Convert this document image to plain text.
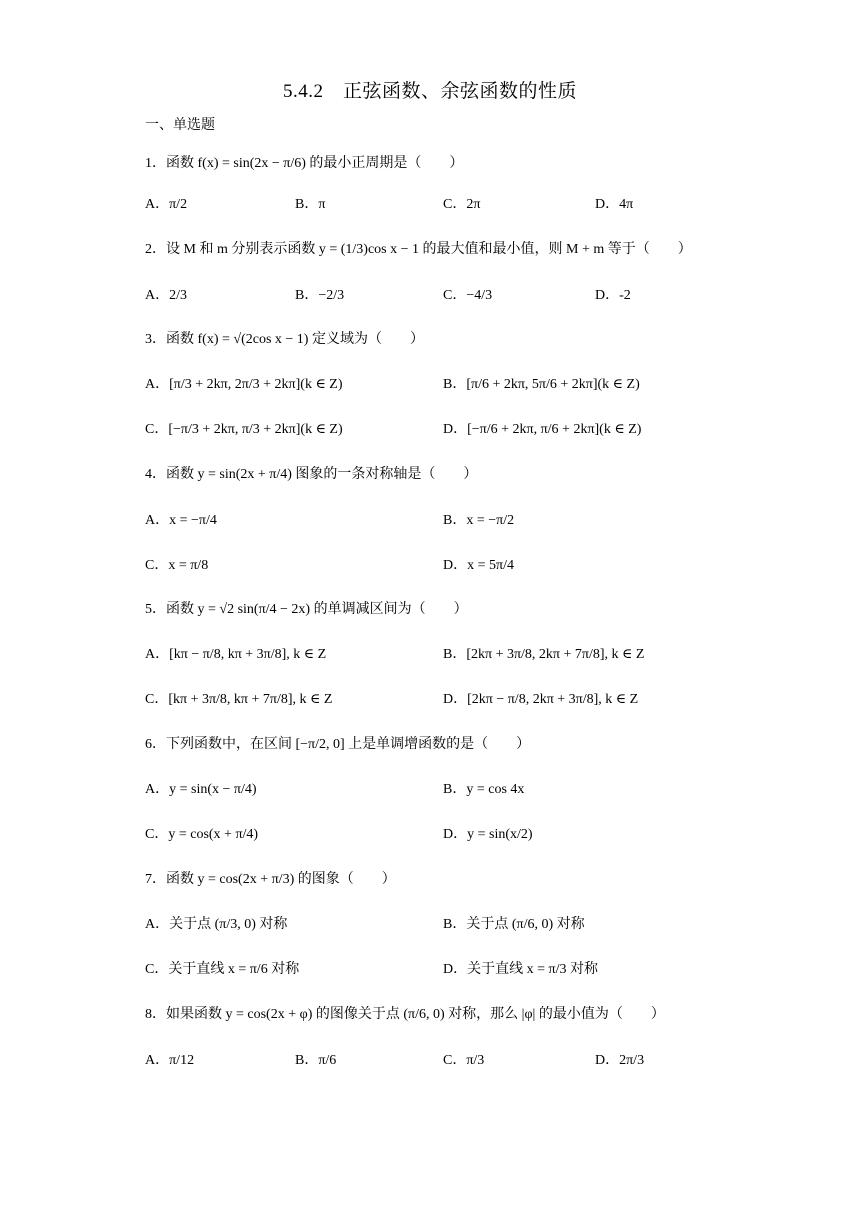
5.4.2　正弦函数、余弦函数的性质
一、单选题
1．函数 f(x) = sin(2x − π/6) 的最小正周期是（　　）
A．π/2	B．π	C．2π	D．4π
2．设 M 和 m 分别表示函数 y = (1/3)cos x − 1 的最大值和最小值，则 M + m 等于（　　）
A．2/3	B．−2/3	C．−4/3	D．-2
3．函数 f(x) = √(2cos x − 1) 定义域为（　　）
A．[π/3 + 2kπ, 2π/3 + 2kπ](k ∈ Z)	B．[π/6 + 2kπ, 5π/6 + 2kπ](k ∈ Z)
C．[−π/3 + 2kπ, π/3 + 2kπ](k ∈ Z)	D．[−π/6 + 2kπ, π/6 + 2kπ](k ∈ Z)
4．函数 y = sin(2x + π/4) 图象的一条对称轴是（　　）
A．x = −π/4	B．x = −π/2
C．x = π/8	D．x = 5π/4
5．函数 y = √2 sin(π/4 − 2x) 的单调减区间为（　　）
A．[kπ − π/8, kπ + 3π/8], k ∈ Z	B．[2kπ + 3π/8, 2kπ + 7π/8], k ∈ Z
C．[kπ + 3π/8, kπ + 7π/8], k ∈ Z	D．[2kπ − π/8, 2kπ + 3π/8], k ∈ Z
6．下列函数中，在区间 [−π/2, 0] 上是单调增函数的是（　　）
A．y = sin(x − π/4)	B．y = cos 4x
C．y = cos(x + π/4)	D．y = sin(x/2)
7．函数 y = cos(2x + π/3) 的图象（　　）
A．关于点 (π/3, 0) 对称	B．关于点 (π/6, 0) 对称
C．关于直线 x = π/6 对称	D．关于直线 x = π/3 对称
8．如果函数 y = cos(2x + φ) 的图像关于点 (π/6, 0) 对称，那么 |φ| 的最小值为（　　）
A．π/12	B．π/6	C．π/3	D．2π/3
